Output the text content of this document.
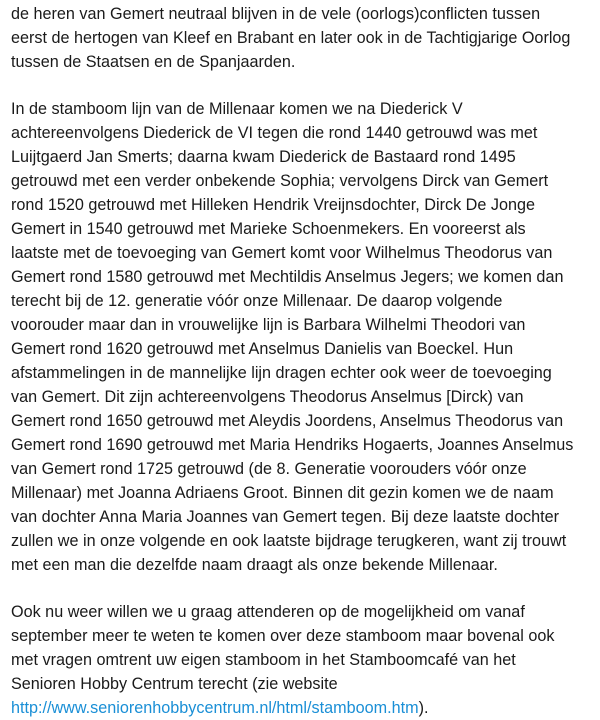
de heren van Gemert neutraal blijven in de vele (oorlogs)conflicten tussen
eerst de hertogen van Kleef en Brabant en later ook in de Tachtigjarige Oorlog
tussen de Staatsen en de Spanjaarden.

In de stamboom lijn van de Millenaar komen we na Diederick V
achtereenvolgens Diederick de VI tegen die rond 1440 getrouwd was met
Luijtgaerd Jan Smerts; daarna kwam Diederick de Bastaard rond 1495
getrouwd met een verder onbekende Sophia; vervolgens Dirck van Gemert
rond 1520 getrouwd met Hilleken Hendrik Vreijnsdochter, Dirck De Jonge
Gemert in 1540 getrouwd met Marieke Schoenmekers. En vooreerst als
laatste met de toevoeging van Gemert komt voor Wilhelmus Theodorus van
Gemert rond 1580 getrouwd met Mechtildis Anselmus Jegers; we komen dan
terecht bij de 12. generatie vóór onze Millenaar. De daarop volgende
voorouder maar dan in vrouwelijke lijn is Barbara Wilhelmi Theodori van
Gemert rond 1620 getrouwd met Anselmus Danielis van Boeckel. Hun
afstammelingen in de mannelijke lijn dragen echter ook weer de toevoeging
van Gemert. Dit zijn achtereenvolgens Theodorus Anselmus [Dirck) van
Gemert rond 1650 getrouwd met Aleydis Joordens, Anselmus Theodorus van
Gemert rond 1690 getrouwd met Maria Hendriks Hogaerts, Joannes Anselmus
van Gemert rond 1725 getrouwd (de 8. Generatie voorouders vóór onze
Millenaar) met Joanna Adriaens Groot. Binnen dit gezin komen we de naam
van dochter Anna Maria Joannes van Gemert tegen. Bij deze laatste dochter
zullen we in onze volgende en ook laatste bijdrage terugkeren, want zij trouwt
met een man die dezelfde naam draagt als onze bekende Millenaar.

Ook nu weer willen we u graag attenderen op de mogelijkheid om vanaf
september meer te weten te komen over deze stamboom maar bovenal ook
met vragen omtrent uw eigen stamboom in het Stamboomcafé van het
Senioren Hobby Centrum terecht (zie website
http://www.seniorenhobbycentrum.nl/html/stamboom.htm).
